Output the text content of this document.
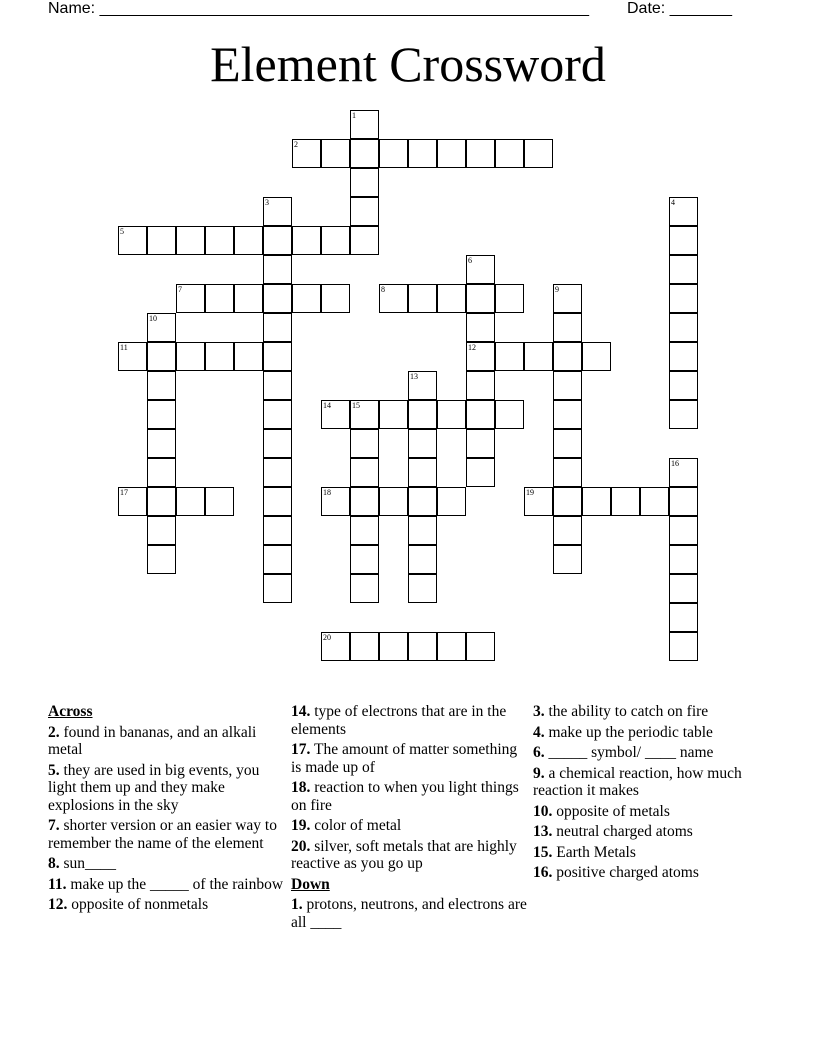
Name: _______________________________________________________ Date: _______
Element Crossword
2
5
7	8
11	12
14	15
17	18	19
20
1
3	4
6
9
10
13
16
Across
2. found in bananas, and an alkali metal
5. they are used in big events, you light them up and they make explosions in the sky
7. shorter version or an easier way to remember the name of the element
8. sun____
11. make up the _____ of the rainbow
12. opposite of nonmetals
14. type of electrons that are in the elements
17. The amount of matter something is made up of
18. reaction to when you light things on fire
19. color of metal
20. silver, soft metals that are highly reactive as you go up
Down
1. protons, neutrons, and electrons are all ____
3. the ability to catch on fire
4. make up the periodic table
6. _____ symbol/ ____ name
9. a chemical reaction, how much reaction it makes
10. opposite of metals
13. neutral charged atoms
15. Earth Metals
16. positive charged atoms
